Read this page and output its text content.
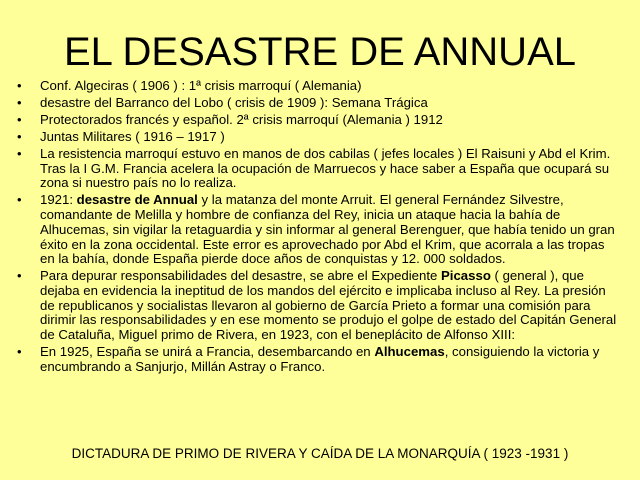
EL DESASTRE DE ANNUAL
• Conf. Algeciras ( 1906 ) : 1ª crisis marroquí ( Alemania)
• desastre del Barranco del Lobo ( crisis de 1909 ): Semana Trágica
• Protectorados francés y español. 2ª crisis marroquí (Alemania ) 1912
• Juntas Militares ( 1916 – 1917 )
• La resistencia marroquí estuvo en manos de dos cabilas ( jefes locales ) El Raisuni y Abd el Krim. Tras la I G.M. Francia acelera la ocupación de Marruecos y hace saber a España que ocupará su zona si nuestro país no lo realiza.
• 1921: desastre de Annual y la matanza del monte Arruit. El general Fernández Silvestre, comandante de Melilla y hombre de confianza del Rey, inicia un ataque hacia la bahía de Alhucemas, sin vigilar la retaguardia y sin informar al general Berenguer, que había tenido un gran éxito en la zona occidental. Este error es aprovechado por Abd el Krim, que acorrala a las tropas en la bahía, donde España pierde doce años de conquistas y 12. 000 soldados.
• Para depurar responsabilidades del desastre, se abre el Expediente Picasso ( general ), que dejaba en evidencia la ineptitud de los mandos del ejército e implicaba incluso al Rey. La presión de republicanos y socialistas llevaron al gobierno de García Prieto a formar una comisión para dirimir las responsabilidades y en ese momento se produjo el golpe de estado del Capitán General de Cataluña, Miguel primo de Rivera, en 1923, con el beneplácito de Alfonso XIII:
• En 1925, España se unirá a Francia, desembarcando en Alhucemas, consiguiendo la victoria y encumbrando a Sanjurjo, Millán Astray o Franco.
DICTADURA DE PRIMO DE RIVERA Y CAÍDA DE LA MONARQUÍA ( 1923 -1931 )
